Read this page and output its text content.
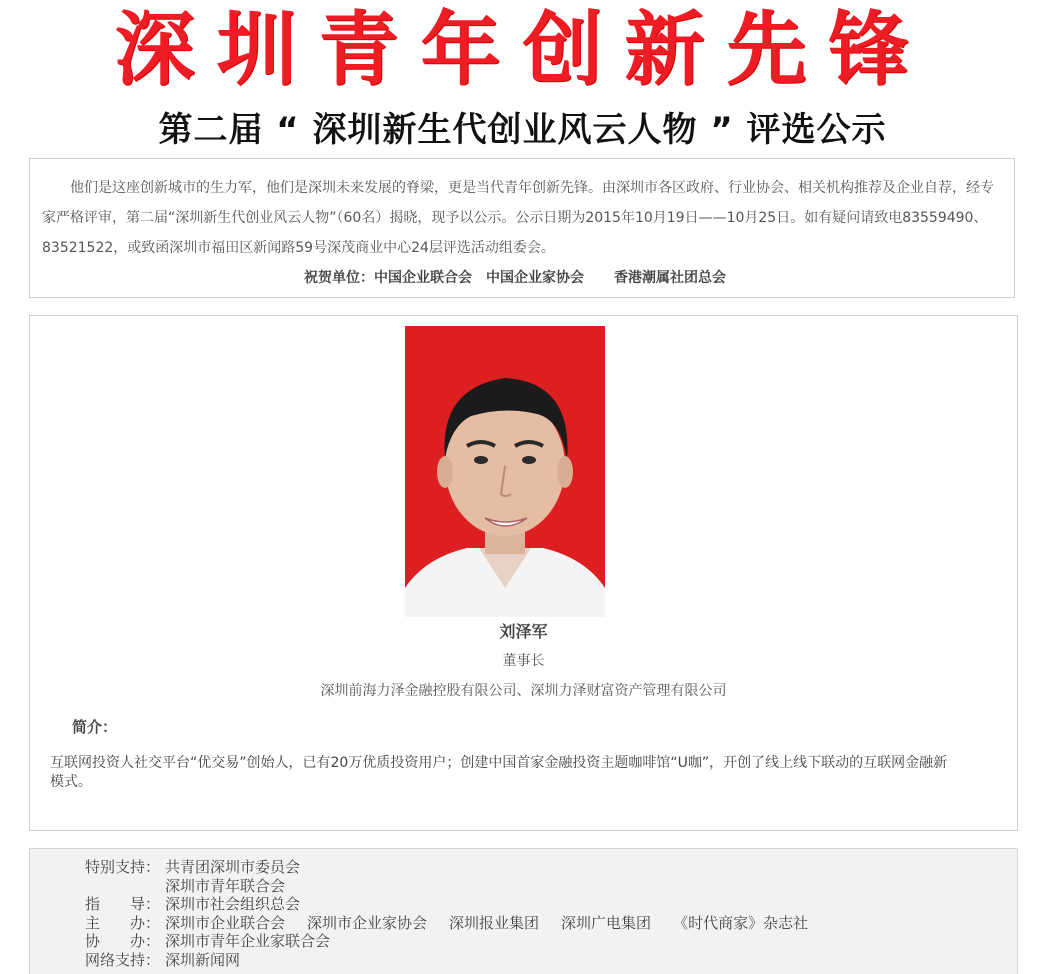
深圳青年创新先锋
第二届 “ 深圳新生代创业风云人物 ” 评选公示

他们是这座创新城市的生力军，他们是深圳未来发展的脊梁，更是当代青年创新先锋。由深圳市各区政府、行业协会、相关机构推荐及企业自荐，经专家严格评审，第二届“深圳新生代创业风云人物”（60名）揭晓，现予以公示。公示日期为2015年10月19日——10月25日。如有疑问请致电83559490、83521522，或致函深圳市福田区新闻路59号深茂商业中心24层评选活动组委会。

祝贺单位：中国企业联合会 中国企业家协会 香港潮属社团总会
刘泽军
董事长
深圳前海力泽金融控股有限公司、深圳力泽财富资产管理有限公司
简介：
互联网投资人社交平台“优交易”创始人，已有20万优质投资用户；创建中国首家金融投资主题咖啡馆“U咖”，开创了线上线下联动的互联网金融新模式。
特别支持： 共青团深圳市委员会
深圳市青年联合会
指　　导： 深圳市社会组织总会
主　　办： 深圳市企业联合会 深圳市企业家协会 深圳报业集团 深圳广电集团 《时代商家》杂志社
协　　办： 深圳市青年企业家联合会
网络支持： 深圳新闻网
